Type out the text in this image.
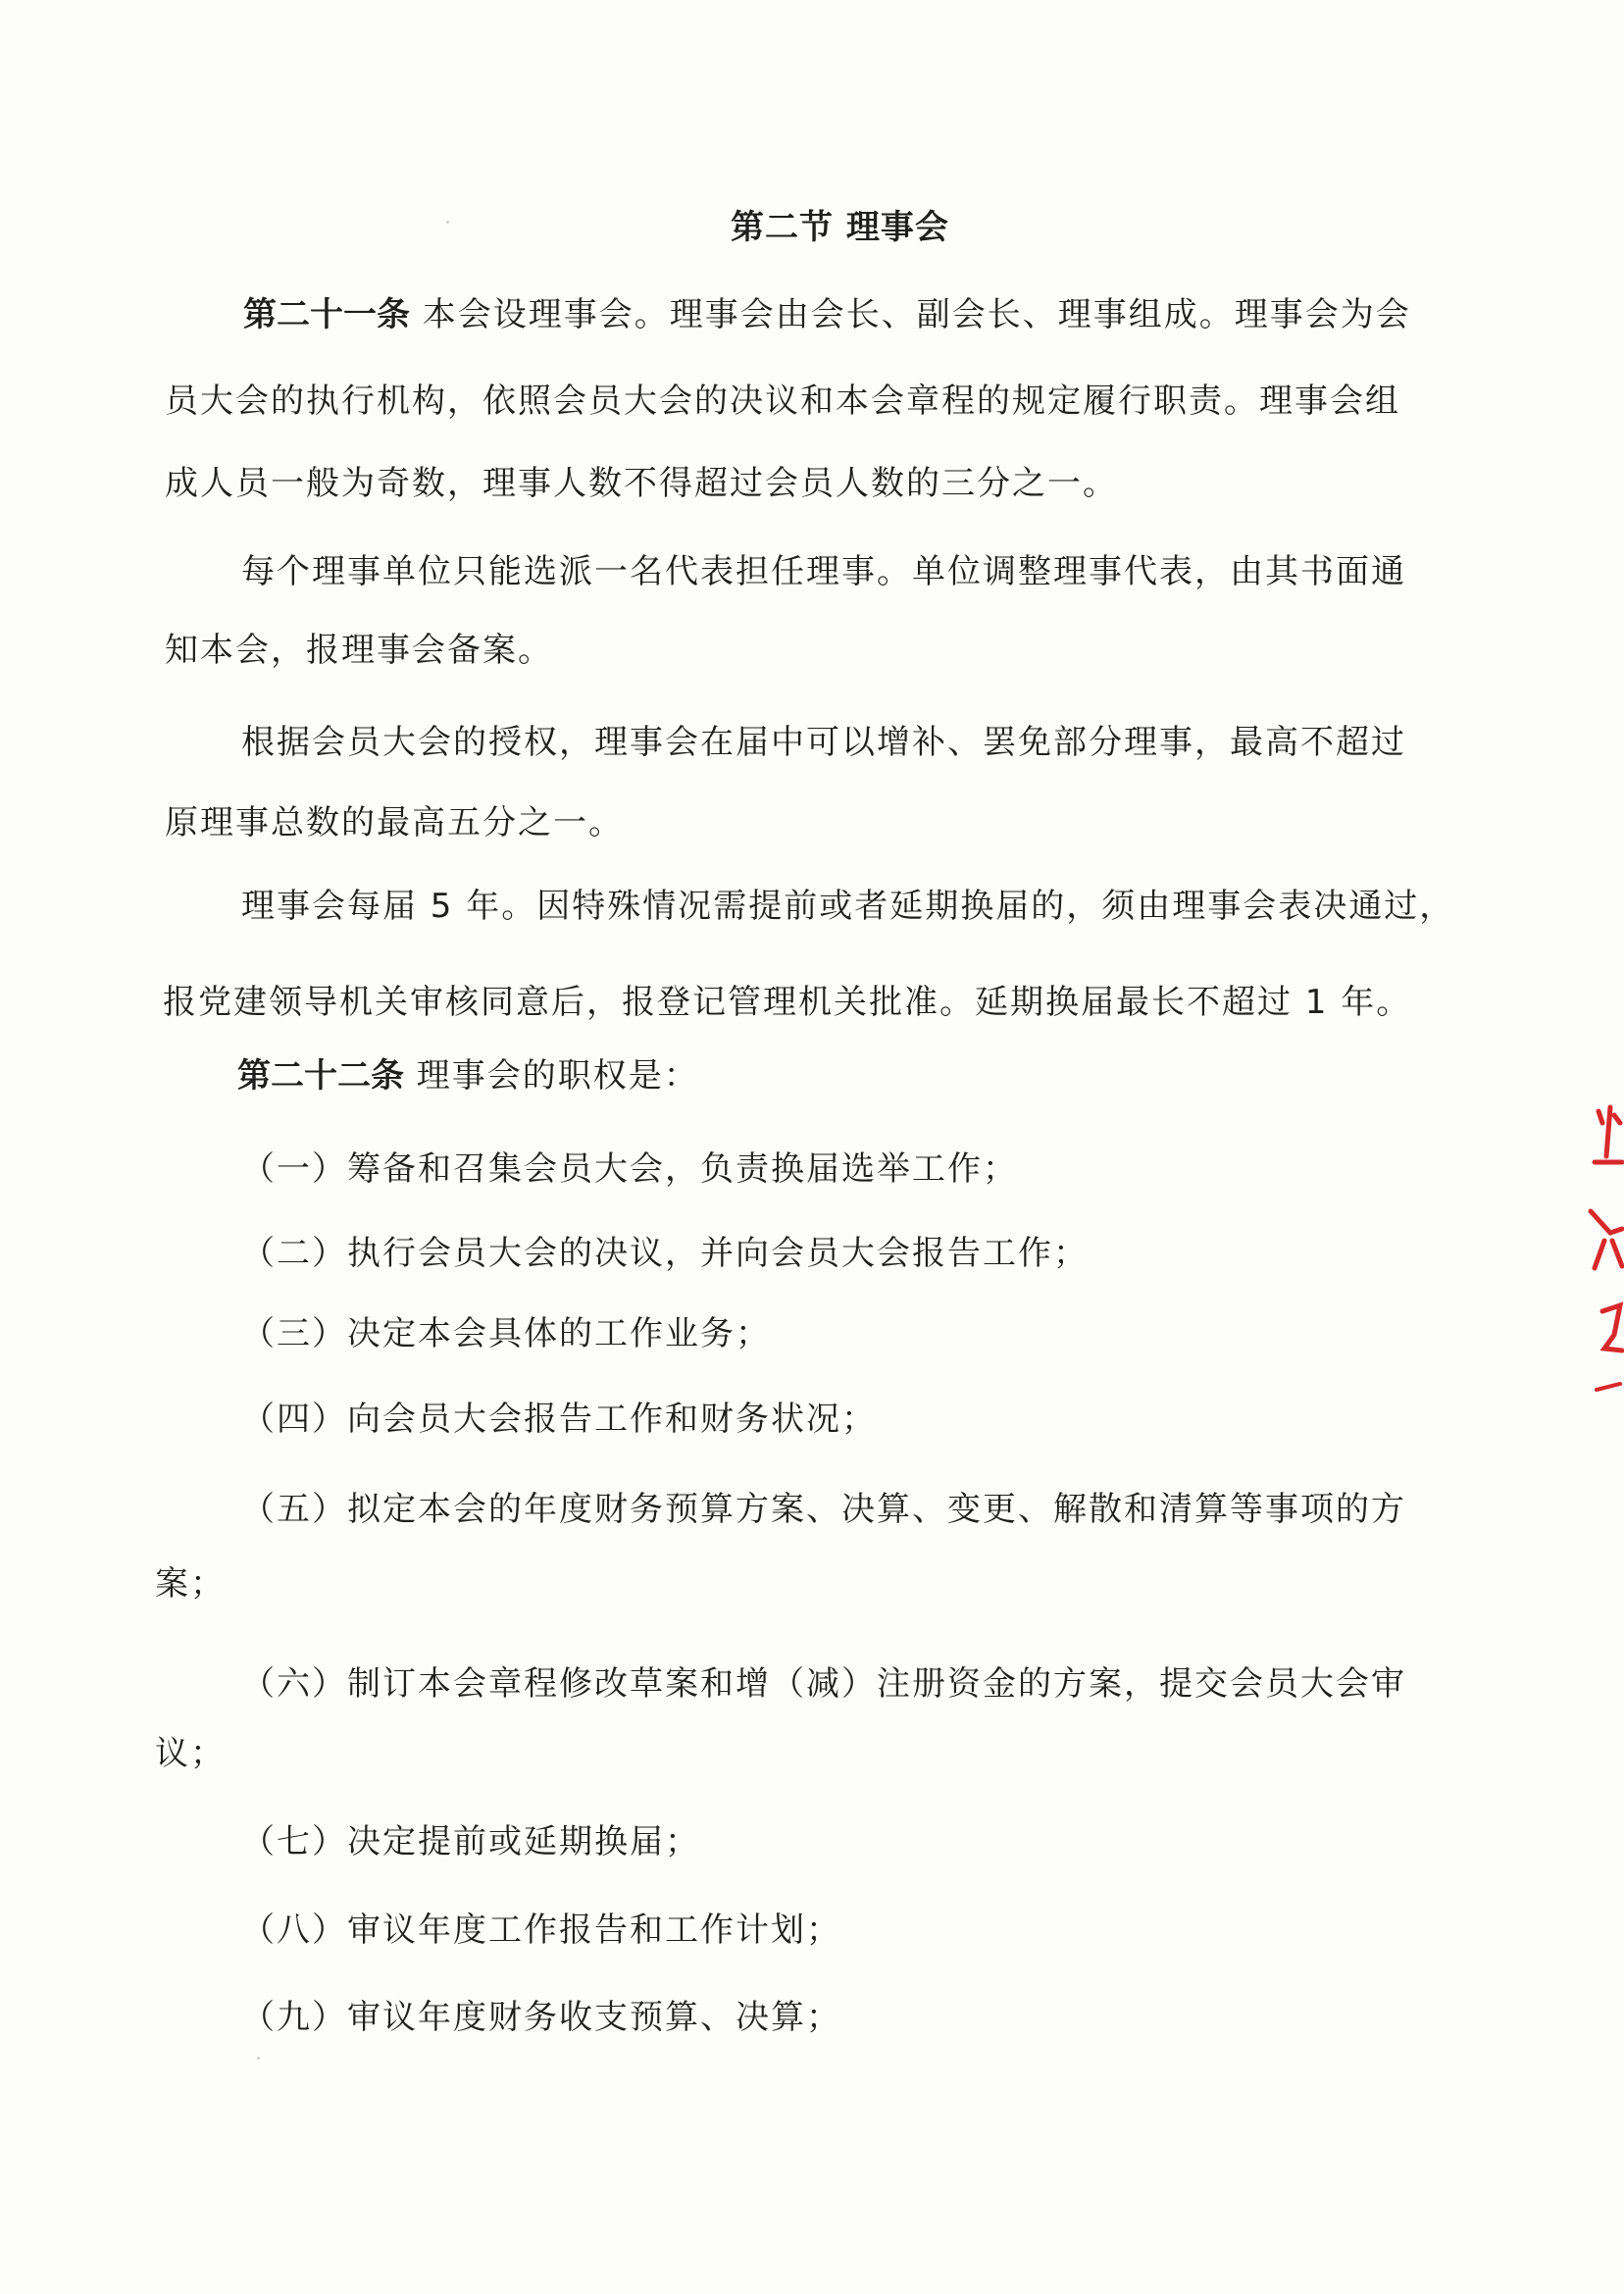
第二节 理事会
第二十一条 本会设理事会。理事会由会长、副会长、理事组成。理事会为会
员大会的执行机构，依照会员大会的决议和本会章程的规定履行职责。理事会组
成人员一般为奇数，理事人数不得超过会员人数的三分之一。
每个理事单位只能选派一名代表担任理事。单位调整理事代表，由其书面通
知本会，报理事会备案。
根据会员大会的授权，理事会在届中可以增补、罢免部分理事，最高不超过
原理事总数的最高五分之一。
理事会每届 5 年。因特殊情况需提前或者延期换届的，须由理事会表决通过，
报党建领导机关审核同意后，报登记管理机关批准。延期换届最长不超过 1 年。
第二十二条 理事会的职权是：
（一）筹备和召集会员大会，负责换届选举工作；
（二）执行会员大会的决议，并向会员大会报告工作；
（三）决定本会具体的工作业务；
（四）向会员大会报告工作和财务状况；
（五）拟定本会的年度财务预算方案、决算、变更、解散和清算等事项的方
案；
（六）制订本会章程修改草案和增（减）注册资金的方案，提交会员大会审
议；
（七）决定提前或延期换届；
（八）审议年度工作报告和工作计划；
（九）审议年度财务收支预算、决算；
